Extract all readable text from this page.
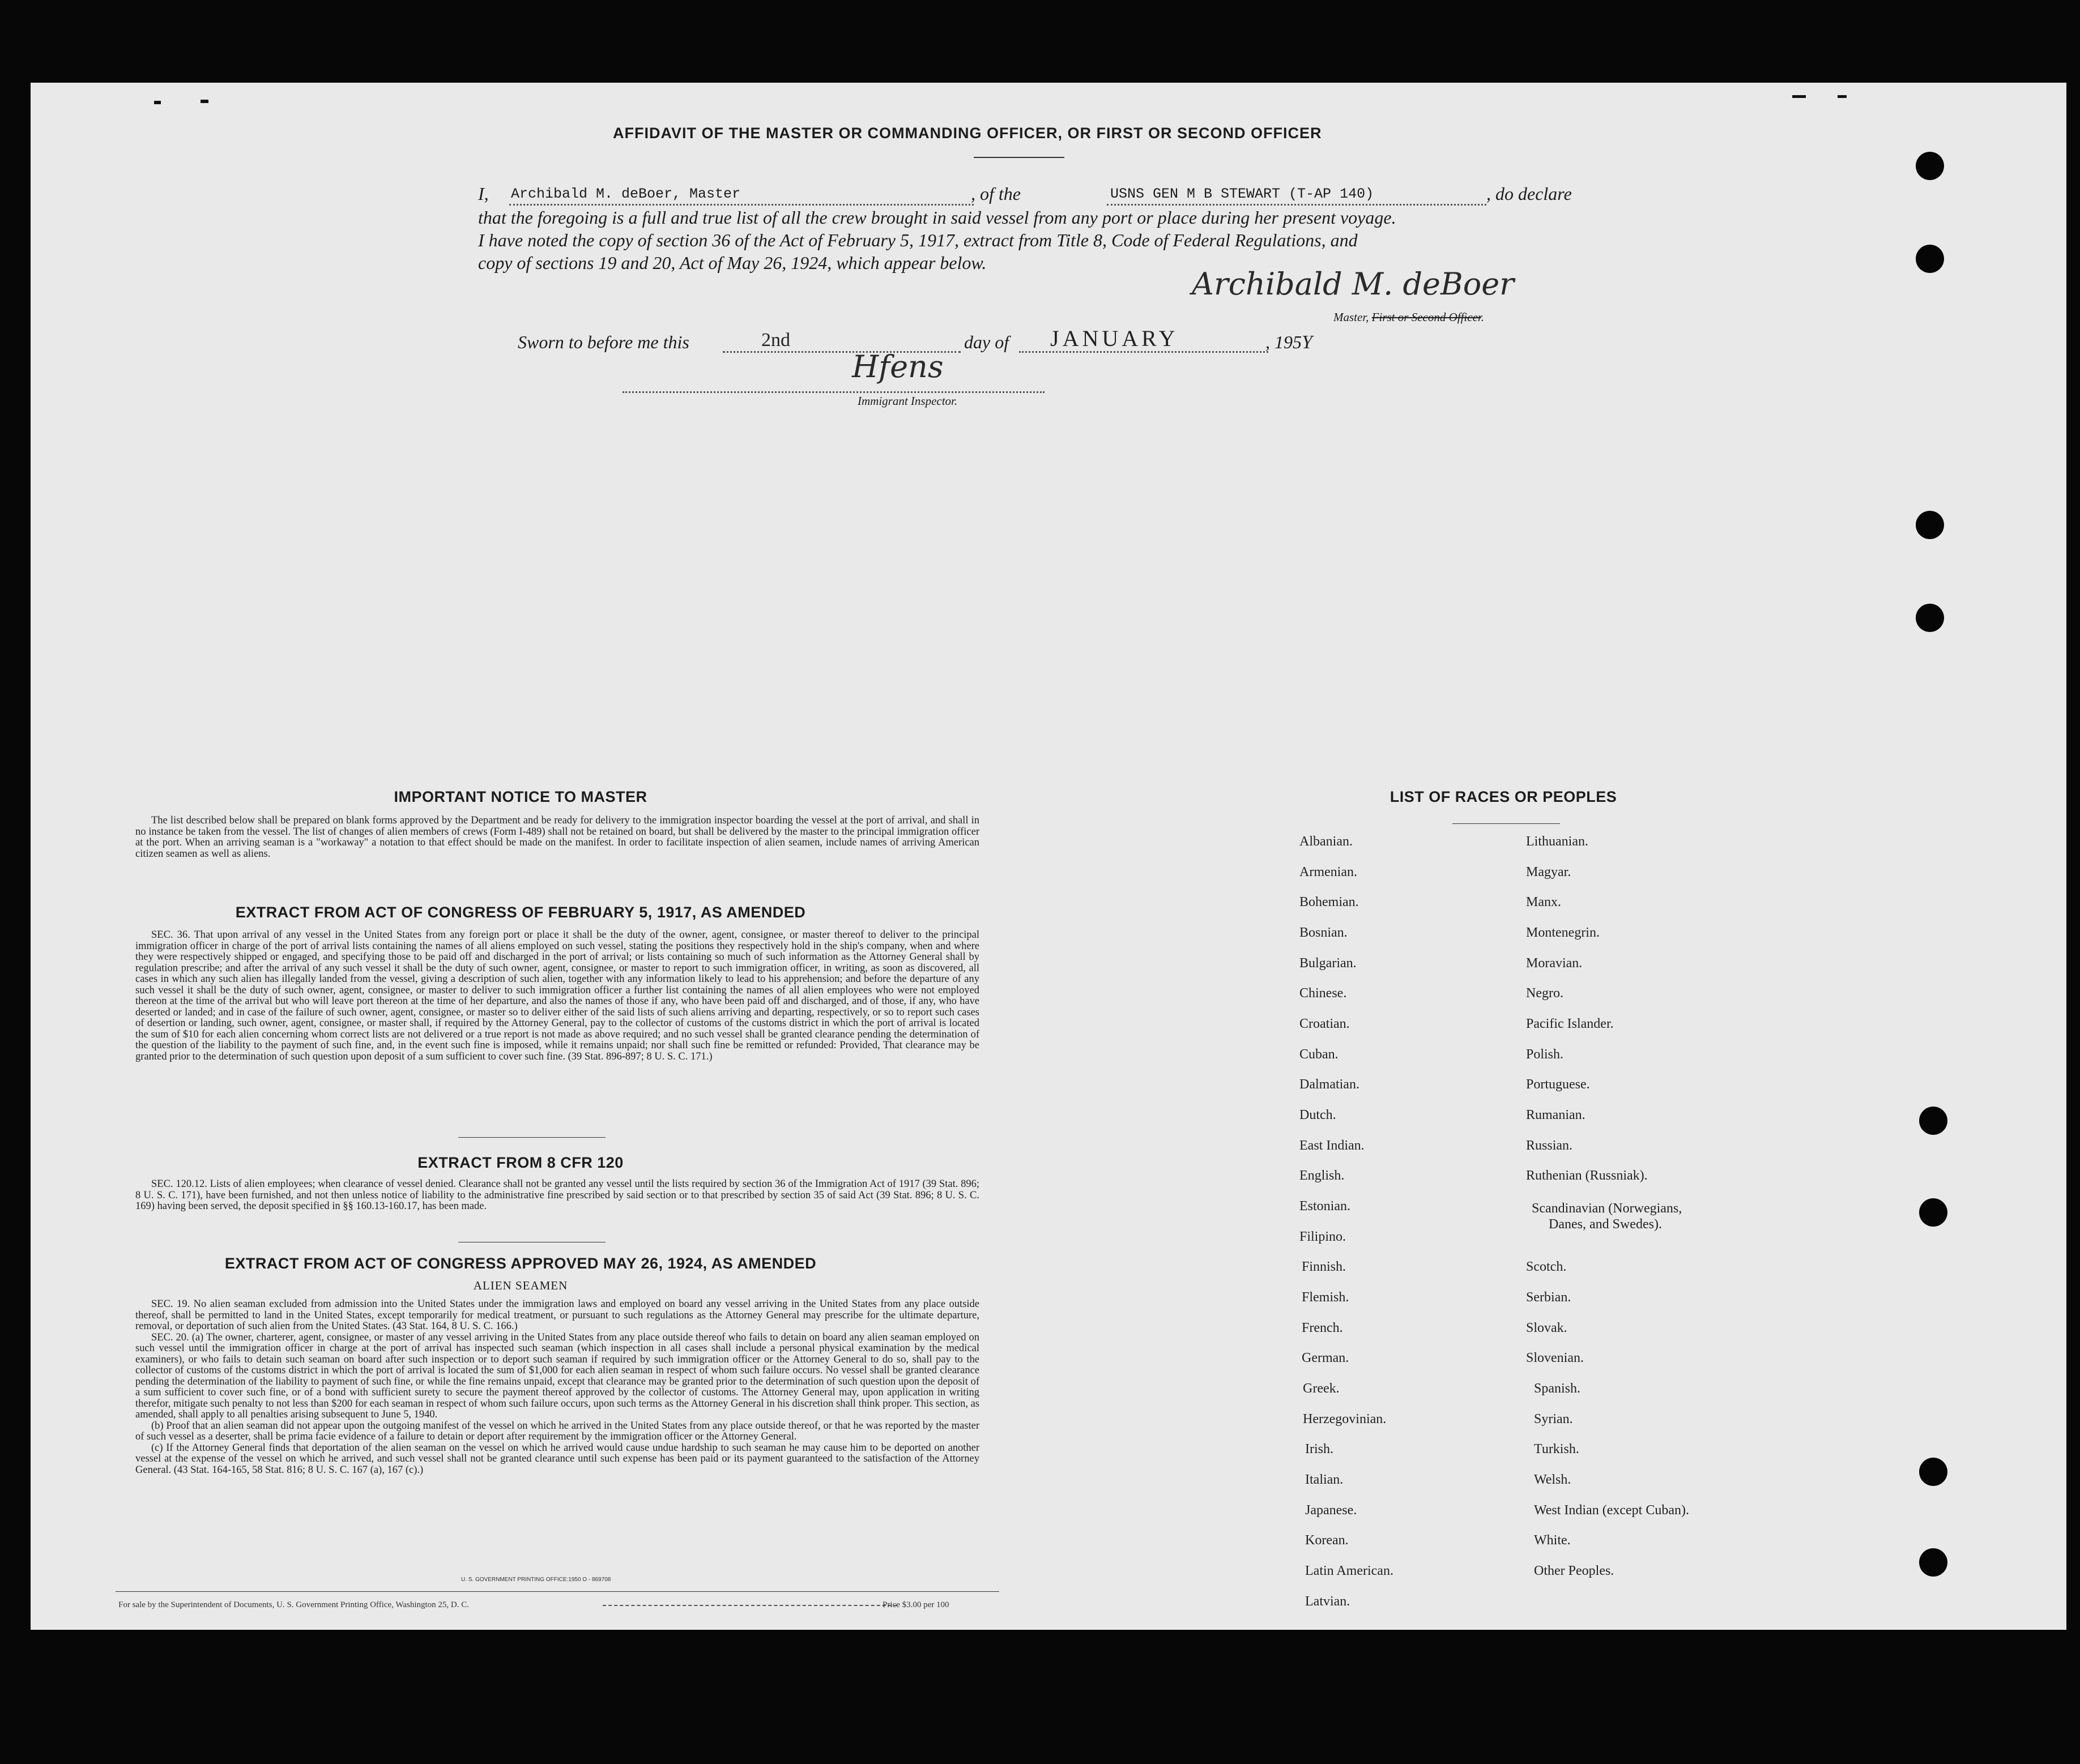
AFFIDAVIT OF THE MASTER OR COMMANDING OFFICER, OR FIRST OR SECOND OFFICER
I, Archibald M. deBoer, Master	, of the	USNS GEN M B STEWART (T-AP 140)	, do declare
that the foregoing is a full and true list of all the crew brought in said vessel from any port or place during her present voyage.
I have noted the copy of section 36 of the Act of February 5, 1917, extract from Title 8, Code of Federal Regulations, and
copy of sections 19 and 20, Act of May 26, 1924, which appear below.
Archibald M. deBoer
Master, First or Second Officer.
Sworn to before me this	2nd	day of JANUARY	, 195Y
Hfens
Immigrant Inspector.
IMPORTANT NOTICE TO MASTER

The list described below shall be prepared on blank forms approved by the Department and be ready for delivery to the immigration inspector boarding the vessel at the port of arrival, and shall in no instance be taken from the vessel. The list of changes of alien members of crews (Form I-489) shall not be retained on board, but shall be delivered by the master to the principal immigration officer at the port. When an arriving seaman is a "workaway" a notation to that effect should be made on the manifest. In order to facilitate inspection of alien seamen, include names of arriving American citizen seamen as well as aliens.

EXTRACT FROM ACT OF CONGRESS OF FEBRUARY 5, 1917, AS AMENDED

SEC. 36. That upon arrival of any vessel in the United States from any foreign port or place it shall be the duty of the owner, agent, consignee, or master thereof to deliver to the principal immigration officer in charge of the port of arrival lists containing the names of all aliens employed on such vessel, stating the positions they respectively hold in the ship's company, when and where they were respectively shipped or engaged, and specifying those to be paid off and discharged in the port of arrival; or lists containing so much of such information as the Attorney General shall by regulation prescribe; and after the arrival of any such vessel it shall be the duty of such owner, agent, consignee, or master to report to such immigration officer, in writing, as soon as discovered, all cases in which any such alien has illegally landed from the vessel, giving a description of such alien, together with any information likely to lead to his apprehension; and before the departure of any such vessel it shall be the duty of such owner, agent, consignee, or master to deliver to such immigration officer a further list containing the names of all alien employees who were not employed thereon at the time of the arrival but who will leave port thereon at the time of her departure, and also the names of those if any, who have been paid off and discharged, and of those, if any, who have deserted or landed; and in case of the failure of such owner, agent, consignee, or master so to deliver either of the said lists of such aliens arriving and departing, respectively, or so to report such cases of desertion or landing, such owner, agent, consignee, or master shall, if required by the Attorney General, pay to the collector of customs of the customs district in which the port of arrival is located the sum of $10 for each alien concerning whom correct lists are not delivered or a true report is not made as above required; and no such vessel shall be granted clearance pending the determination of the question of the liability to the payment of such fine, and, in the event such fine is imposed, while it remains unpaid; nor shall such fine be remitted or refunded: Provided, That clearance may be granted prior to the determination of such question upon deposit of a sum sufficient to cover such fine. (39 Stat. 896-897; 8 U. S. C. 171.)

EXTRACT FROM 8 CFR 120

SEC. 120.12. Lists of alien employees; when clearance of vessel denied. Clearance shall not be granted any vessel until the lists required by section 36 of the Immigration Act of 1917 (39 Stat. 896; 8 U. S. C. 171), have been furnished, and not then unless notice of liability to the administrative fine prescribed by said section or to that prescribed by section 35 of said Act (39 Stat. 896; 8 U. S. C. 169) having been served, the deposit specified in §§ 160.13-160.17, has been made.

EXTRACT FROM ACT OF CONGRESS APPROVED MAY 26, 1924, AS AMENDED
ALIEN SEAMEN

SEC. 19. No alien seaman excluded from admission into the United States under the immigration laws and employed on board any vessel arriving in the United States from any place outside thereof, shall be permitted to land in the United States, except temporarily for medical treatment, or pursuant to such regulations as the Attorney General may prescribe for the ultimate departure, removal, or deportation of such alien from the United States. (43 Stat. 164, 8 U. S. C. 166.)

SEC. 20. (a) The owner, charterer, agent, consignee, or master of any vessel arriving in the United States from any place outside thereof who fails to detain on board any alien seaman employed on such vessel until the immigration officer in charge at the port of arrival has inspected such seaman (which inspection in all cases shall include a personal physical examination by the medical examiners), or who fails to detain such seaman on board after such inspection or to deport such seaman if required by such immigration officer or the Attorney General to do so, shall pay to the collector of customs of the customs district in which the port of arrival is located the sum of $1,000 for each alien seaman in respect of whom such failure occurs. No vessel shall be granted clearance pending the determination of the liability to payment of such fine, or while the fine remains unpaid, except that clearance may be granted prior to the determination of such question upon the deposit of a sum sufficient to cover such fine, or of a bond with sufficient surety to secure the payment thereof approved by the collector of customs. The Attorney General may, upon application in writing therefor, mitigate such penalty to not less than $200 for each seaman in respect of whom such failure occurs, upon such terms as the Attorney General in his discretion shall think proper. This section, as amended, shall apply to all penalties arising subsequent to June 5, 1940.

(b) Proof that an alien seaman did not appear upon the outgoing manifest of the vessel on which he arrived in the United States from any place outside thereof, or that he was reported by the master of such vessel as a deserter, shall be prima facie evidence of a failure to detain or deport after requirement by the immigration officer or the Attorney General.

(c) If the Attorney General finds that deportation of the alien seaman on the vessel on which he arrived would cause undue hardship to such seaman he may cause him to be deported on another vessel at the expense of the vessel on which he arrived, and such vessel shall not be granted clearance until such expense has been paid or its payment guaranteed to the satisfaction of the Attorney General. (43 Stat. 164-165, 58 Stat. 816; 8 U. S. C. 167 (a), 167 (c).)

U. S. GOVERNMENT PRINTING OFFICE:1950 O - 869708
For sale by the Superintendent of Documents, U. S. Government Printing Office, Washington 25, D. C.	Price $3.00 per 100
LIST OF RACES OR PEOPLES
Albanian.
Armenian.
Bohemian.
Bosnian.
Bulgarian.
Chinese.
Croatian.
Cuban.
Dalmatian.
Dutch.
East Indian.
English.
Estonian.
Filipino.
Finnish.
Flemish.
French.
German.
Greek.
Herzegovinian.
Irish.
Italian.
Japanese.
Korean.
Latin American.
Latvian.
Lithuanian.
Magyar.
Manx.
Montenegrin.
Moravian.
Negro.
Pacific Islander.
Polish.
Portuguese.
Rumanian.
Russian.
Ruthenian (Russniak).
Scandinavian (Norwegians,
Danes, and Swedes).
Scotch.
Serbian.
Slovak.
Slovenian.
Spanish.
Syrian.
Turkish.
Welsh.
West Indian (except Cuban).
White.
Other Peoples.
